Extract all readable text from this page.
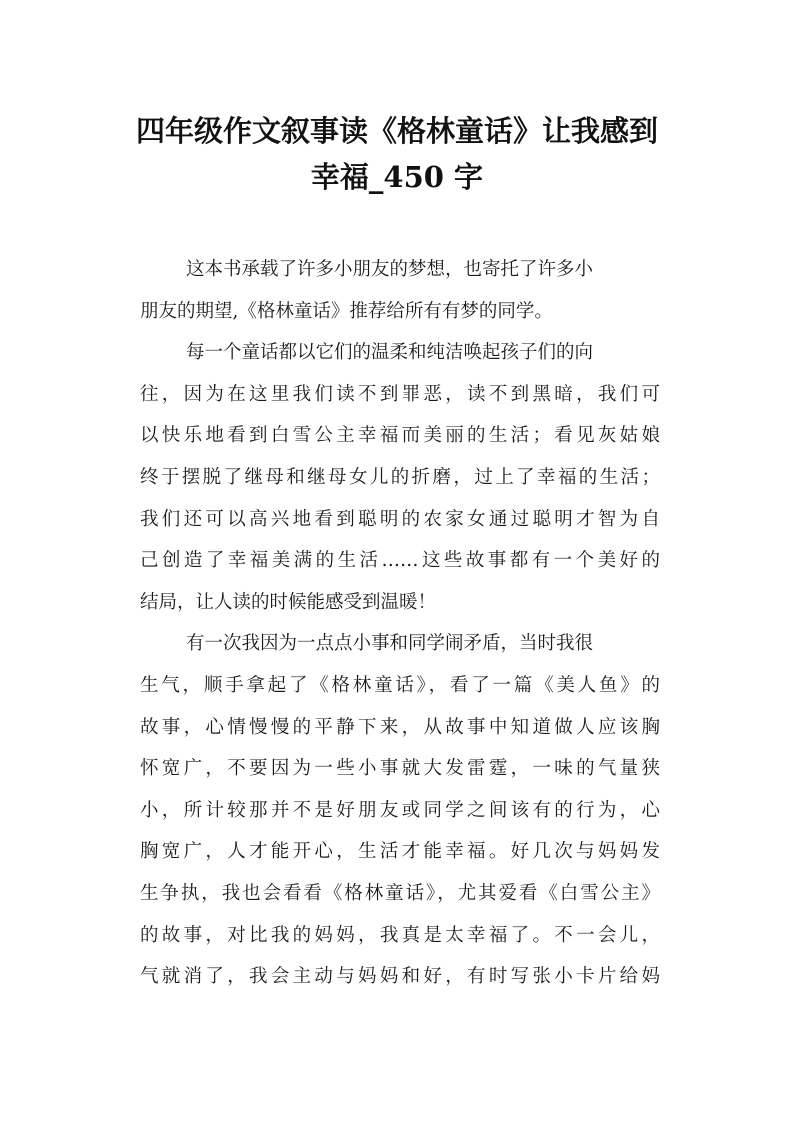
四年级作文叙事读《格林童话》让我感到
幸福_450 字
这本书承载了许多小朋友的梦想，也寄托了许多小
朋友的期望,《格林童话》推荐给所有有梦的同学。
每一个童话都以它们的温柔和纯洁唤起孩子们的向
往，因为在这里我们读不到罪恶，读不到黑暗，我们可
以快乐地看到白雪公主幸福而美丽的生活；看见灰姑娘
终于摆脱了继母和继母女儿的折磨，过上了幸福的生活；
我们还可以高兴地看到聪明的农家女通过聪明才智为自
己创造了幸福美满的生活……这些故事都有一个美好的
结局，让人读的时候能感受到温暖！
有一次我因为一点点小事和同学闹矛盾，当时我很
生气，顺手拿起了《格林童话》，看了一篇《美人鱼》的
故事，心情慢慢的平静下来，从故事中知道做人应该胸
怀宽广，不要因为一些小事就大发雷霆，一味的气量狭
小，所计较那并不是好朋友或同学之间该有的行为，心
胸宽广，人才能开心，生活才能幸福。好几次与妈妈发
生争执，我也会看看《格林童话》，尤其爱看《白雪公主》
的故事，对比我的妈妈，我真是太幸福了。不一会儿，
气就消了，我会主动与妈妈和好，有时写张小卡片给妈
